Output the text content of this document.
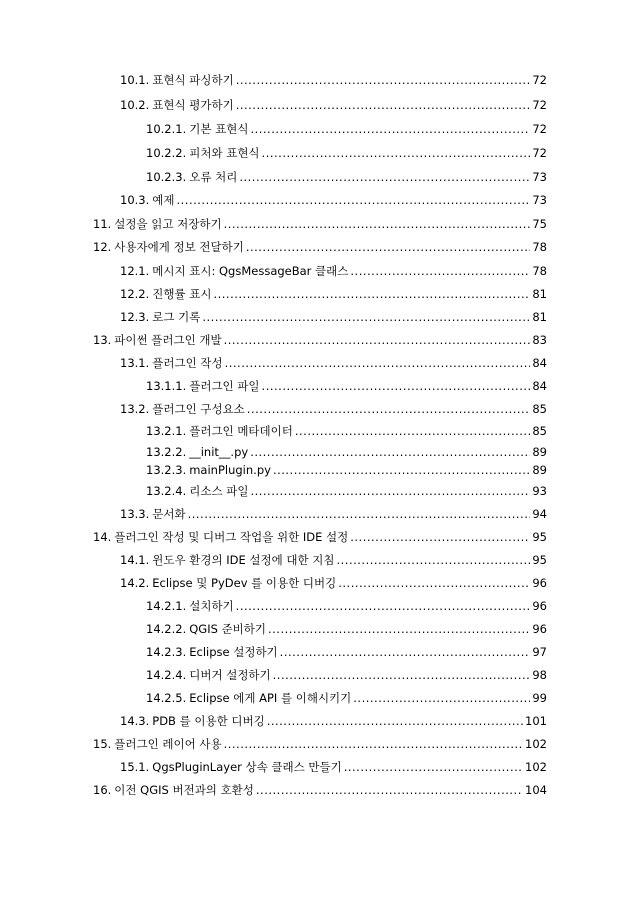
10.1. 표현식 파싱하기 .....	72
10.2. 표현식 평가하기 .....	72
10.2.1. 기본 표현식 .....	72
10.2.2. 피처와 표현식 .....	72
10.2.3. 오류 처리 .....	73
10.3. 예제 .....	73
11. 설정을 읽고 저장하기 .....	75
12. 사용자에게 정보 전달하기 .....	78
12.1. 메시지 표시: QgsMessageBar 클래스 .....	78
12.2. 진행률 표시 .....	81
12.3. 로그 기록 .....	81
13. 파이썬 플러그인 개발 .....	83
13.1. 플러그인 작성 .....	84
13.1.1. 플러그인 파일 .....	84
13.2. 플러그인 구성요소 .....	85
13.2.1. 플러그인 메타데이터 .....	85
13.2.2. __init__.py .....	89
13.2.3. mainPlugin.py .....	89
13.2.4. 리소스 파일 .....	93
13.3. 문서화 .....	94
14. 플러그인 작성 및 디버그 작업을 위한 IDE 설정 .....	95
14.1. 윈도우 환경의 IDE 설정에 대한 지침 .....	95
14.2. Eclipse 및 PyDev 를 이용한 디버깅 .....	96
14.2.1. 설치하기 .....	96
14.2.2. QGIS 준비하기 .....	96
14.2.3. Eclipse 설정하기 .....	97
14.2.4. 디버거 설정하기 .....	98
14.2.5. Eclipse 에게 API 를 이해시키기 .....	99
14.3. PDB 를 이용한 디버깅 .....	101
15. 플러그인 레이어 사용 .....	102
15.1. QgsPluginLayer 상속 클래스 만들기 .....	102
16. 이전 QGIS 버전과의 호환성 .....	104
